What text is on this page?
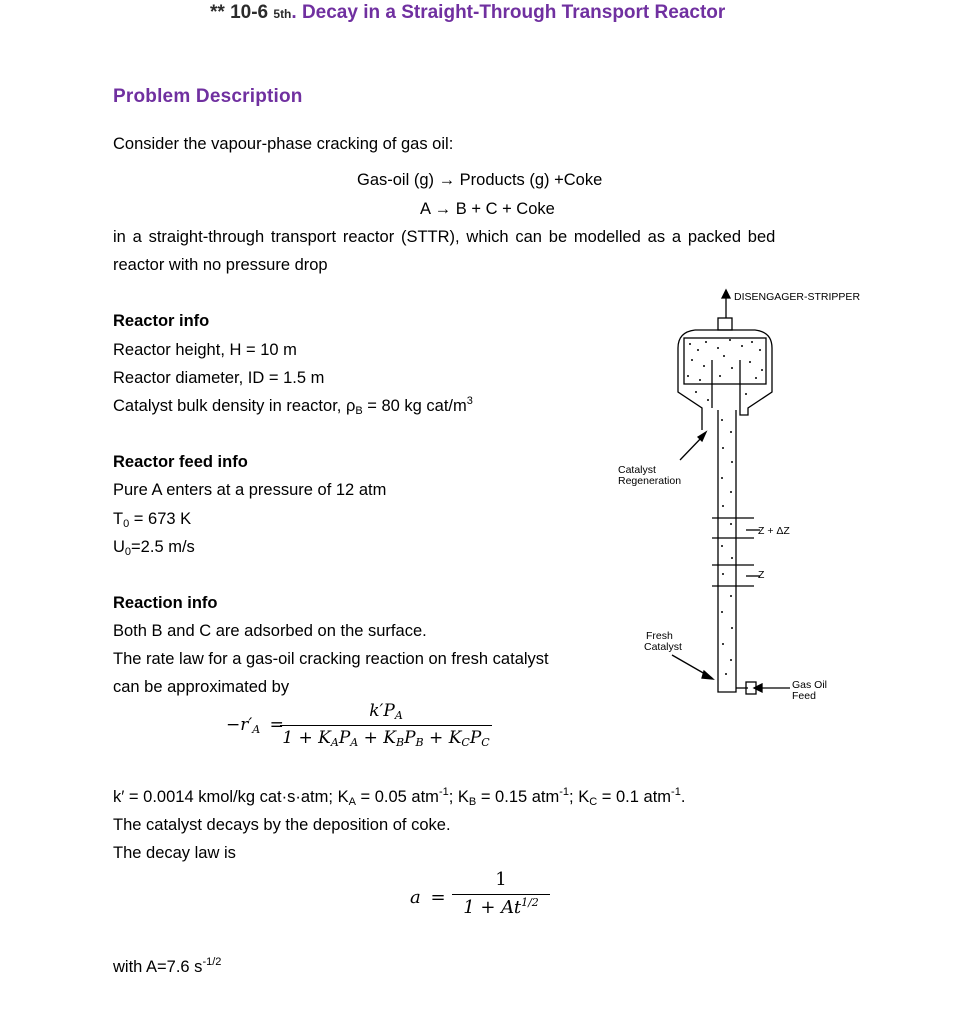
** 10-6 5th. Decay in a Straight-Through Transport Reactor
Problem Description
Consider the vapour-phase cracking of gas oil:
Gas-oil (g) → Products (g) +Coke
A → B + C + Coke
in a straight-through transport reactor (STTR), which can be modelled as a packed bed
reactor with no pressure drop
Reactor info
Reactor height, H = 10 m
Reactor diameter, ID = 1.5 m
Catalyst bulk density in reactor, $\rho_B = 80$ kg cat/$m^3$
Reactor feed info
Pure A enters at a pressure of 12 atm
$T_0 = 673$ K
$U_0=2.5$ m/s
Reaction info
Both B and C are adsorbed on the surface.
The rate law for a gas-oil cracking reaction on fresh catalyst
can be approximated by
$-r'_A$ =
$k'P_A$
$1 + K_AP_A + K_BP_B + K_CP_C$
k′ = 0.0014 kmol/kg cat·s·atm; $K_A = 0.05$ atm$^{-1}$; $K_B = 0.15$ atm$^{-1}$; $K_C = 0.1$ atm$^{-1}$.
The catalyst decays by the deposition of coke.
The decay law is
a =
1
$1 + At^{1/2}$
with A=7.6 $s^{-1/2}$
DISENGAGER-STRIPPER
Catalyst
Regeneration
Z + ΔZ
Z
Fresh
Catalyst
Gas Oil
Feed
